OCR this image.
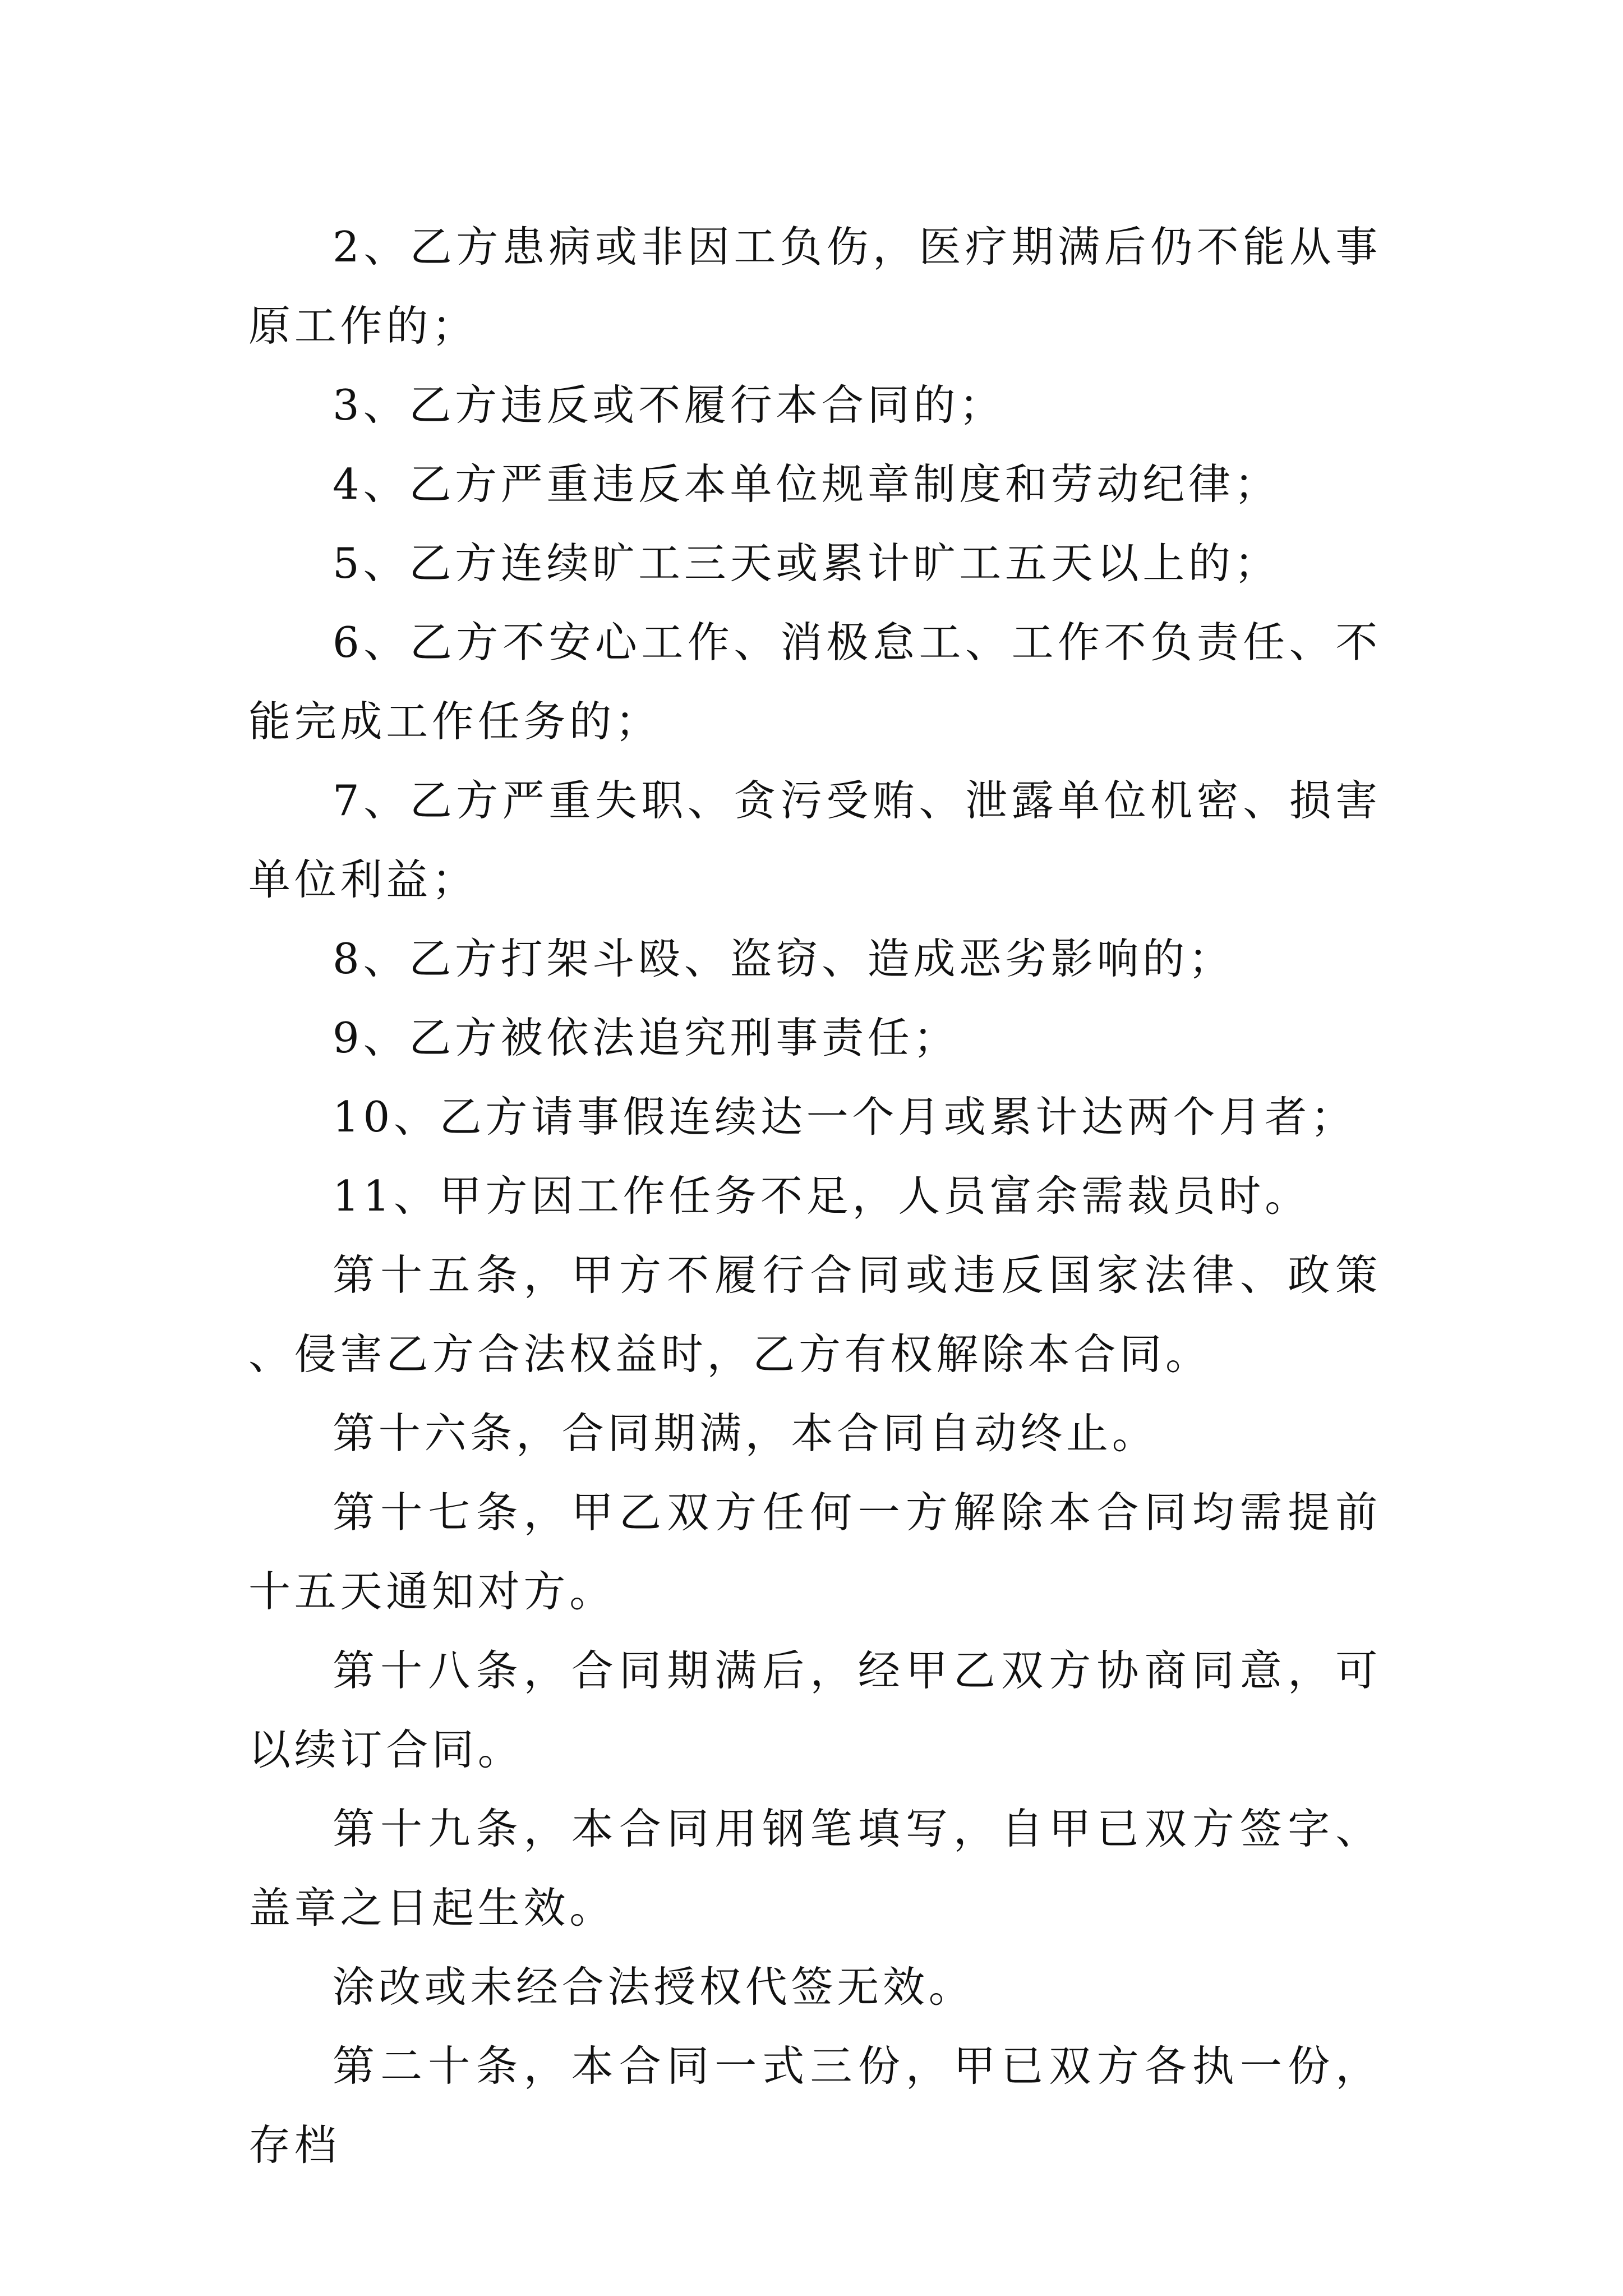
2、乙方患病或非因工负伤，医疗期满后仍不能从事原工作的；

3、乙方违反或不履行本合同的；

4、乙方严重违反本单位规章制度和劳动纪律；

5、乙方连续旷工三天或累计旷工五天以上的；

6、乙方不安心工作、消极怠工、工作不负责任、不能完成工作任务的；

7、乙方严重失职、贪污受贿、泄露单位机密、损害单位利益；

8、乙方打架斗殴、盗窃、造成恶劣影响的；

9、乙方被依法追究刑事责任；

10、乙方请事假连续达一个月或累计达两个月者；

11、甲方因工作任务不足，人员富余需裁员时。

第十五条，甲方不履行合同或违反国家法律、政策、侵害乙方合法权益时，乙方有权解除本合同。

第十六条，合同期满，本合同自动终止。

第十七条，甲乙双方任何一方解除本合同均需提前十五天通知对方。

第十八条，合同期满后，经甲乙双方协商同意，可以续订合同。

第十九条，本合同用钢笔填写，自甲已双方签字、盖章之日起生效。

涂改或未经合法授权代签无效。

第二十条，本合同一式三份，甲已双方各执一份，存档
